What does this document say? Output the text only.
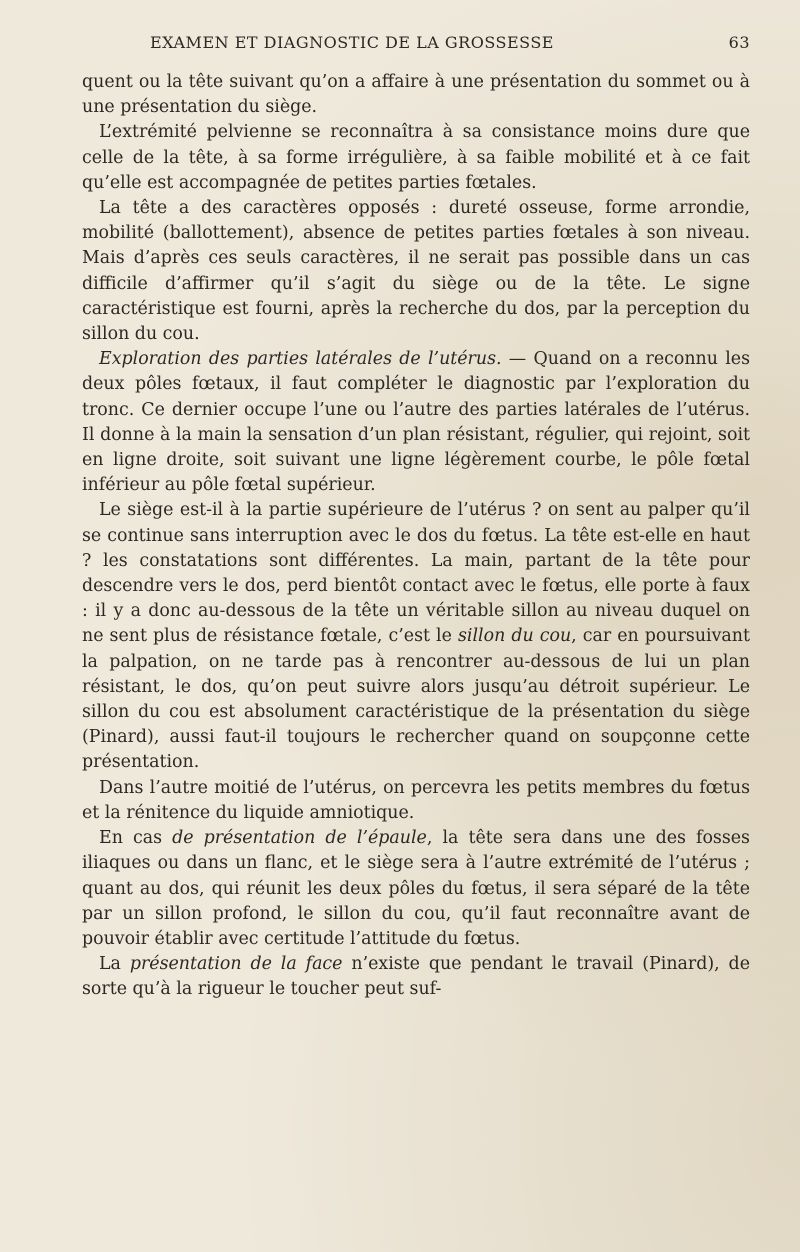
EXAMEN ET DIAGNOSTIC DE LA GROSSESSE	63

quent ou la tête suivant qu’on a affaire à une présentation du sommet ou à une présentation du siège.

L’extrémité pelvienne se reconnaîtra à sa consistance moins dure que celle de la tête, à sa forme irrégulière, à sa faible mobilité et à ce fait qu’elle est accompagnée de petites parties fœtales.

La tête a des caractères opposés : dureté osseuse, forme arrondie, mobilité (ballottement), absence de petites parties fœtales à son niveau. Mais d’après ces seuls caractères, il ne serait pas possible dans un cas difficile d’affirmer qu’il s’agit du siège ou de la tête. Le signe caractéristique est fourni, après la recherche du dos, par la perception du sillon du cou.

Exploration des parties latérales de l’utérus. — Quand on a reconnu les deux pôles fœtaux, il faut compléter le diagnostic par l’exploration du tronc. Ce dernier occupe l’une ou l’autre des parties latérales de l’utérus. Il donne à la main la sensation d’un plan résistant, régulier, qui rejoint, soit en ligne droite, soit suivant une ligne légèrement courbe, le pôle fœtal inférieur au pôle fœtal supérieur.

Le siège est-il à la partie supérieure de l’utérus ? on sent au palper qu’il se continue sans interruption avec le dos du fœtus. La tête est-elle en haut ? les constatations sont différentes. La main, partant de la tête pour descendre vers le dos, perd bientôt contact avec le fœtus, elle porte à faux : il y a donc au-dessous de la tête un véritable sillon au niveau duquel on ne sent plus de résistance fœtale, c’est le sillon du cou, car en poursuivant la palpation, on ne tarde pas à rencontrer au-dessous de lui un plan résistant, le dos, qu’on peut suivre alors jusqu’au détroit supérieur. Le sillon du cou est absolument caractéristique de la présentation du siège (Pinard), aussi faut-il toujours le rechercher quand on soupçonne cette présentation.

Dans l’autre moitié de l’utérus, on percevra les petits membres du fœtus et la rénitence du liquide amniotique.

En cas de présentation de l’épaule, la tête sera dans une des fosses iliaques ou dans un flanc, et le siège sera à l’autre extrémité de l’utérus ; quant au dos, qui réunit les deux pôles du fœtus, il sera séparé de la tête par un sillon profond, le sillon du cou, qu’il faut reconnaître avant de pouvoir établir avec certitude l’attitude du fœtus.

La présentation de la face n’existe que pendant le travail (Pinard), de sorte qu’à la rigueur le toucher peut suf-
